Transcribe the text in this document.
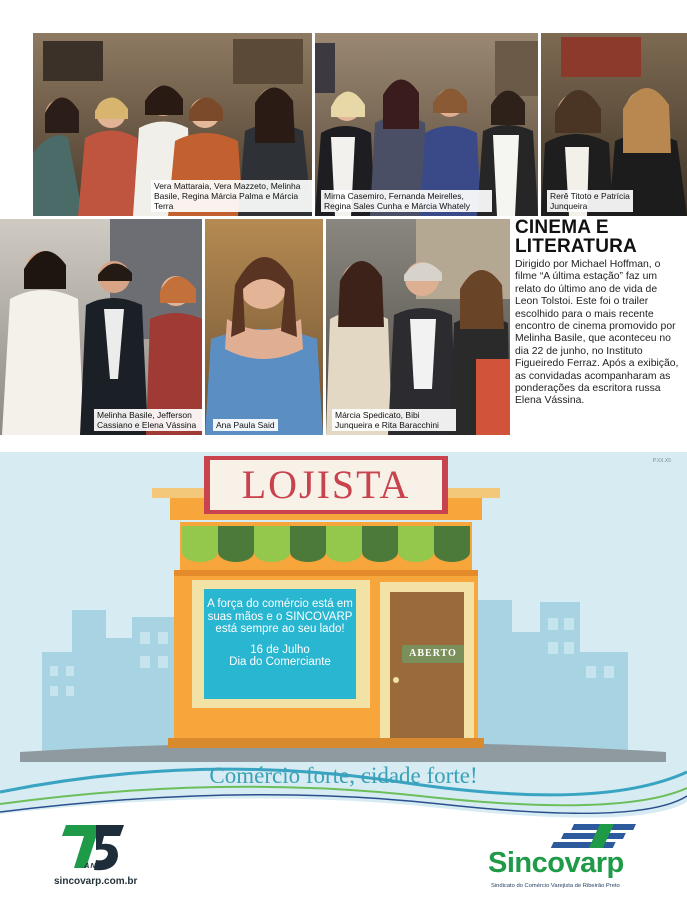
Vera Mattaraia, Vera Mazzeto, Melinha Basile, Regina Márcia Palma e Márcia Terra
Mirna Casemiro, Fernanda Meirelles, Regina Sales Cunha e Márcia Whately
Rerê Titoto e Patrícia Junqueira
Melinha Basile, Jefferson Cassiano e Elena Vássina	Ana Paula Said
Márcia Spedicato, Bibi Junqueira e Rita Baracchini
CINEMA E
LITERATURA
Dirigido por Michael Hoffman, o filme “A última estação” faz um relato do último ano de vida de Leon Tolstoi. Este foi o trailer escolhido para o mais recente encontro de cinema promovido por Melinha Basile, que aconteceu no dia 22 de junho, no Instituto Figueiredo Ferraz. Após a exibição, as convidadas acompanharam as ponderações da escritora russa Elena Vássina.
P.XX.X5
LOJISTA
A força do comércio está em suas mãos e o SINCOVARP está sempre ao seu lado!
16 de Julho
Dia do Comerciante
ABERTO
Comércio forte, cidade forte!
ANOS
sincovarp.com.br
Sincovarp
Sindicato do Comércio Varejista de Ribeirão Preto
